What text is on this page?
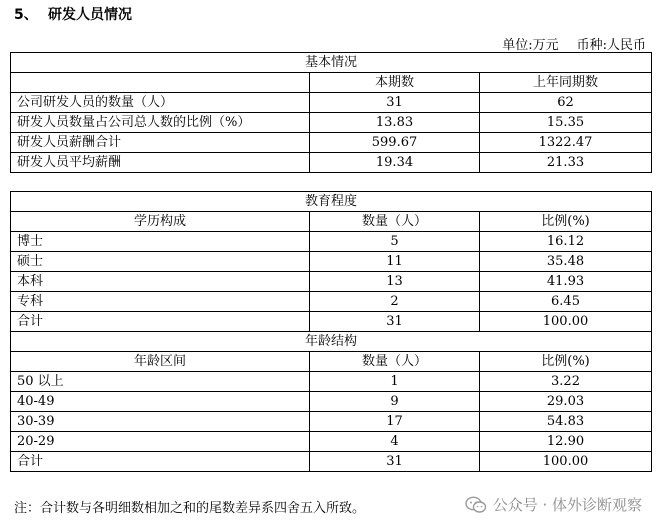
5、 研发人员情况
单位:万元 币种:人民币
基本情况		
	本期数	上年同期数
公司研发人员的数量（人）	31	62
研发人员数量占公司总人数的比例（%）	13.83	15.35
研发人员薪酬合计	599.67	1322.47
研发人员平均薪酬	19.34	21.33
教育程度		
学历构成	数量（人）	比例(%)
博士	5	16.12
硕士	11	35.48
本科	13	41.93
专科	2	6.45
合计	31	100.00
年龄结构		
年龄区间	数量（人）	比例(%)
50 以上	1	3.22
40-49	9	29.03
30-39	17	54.83
20-29	4	12.90
合计	31	100.00
注：合计数与各明细数相加之和的尾数差异系四舍五入所致。	公众号 · 体外诊断观察
